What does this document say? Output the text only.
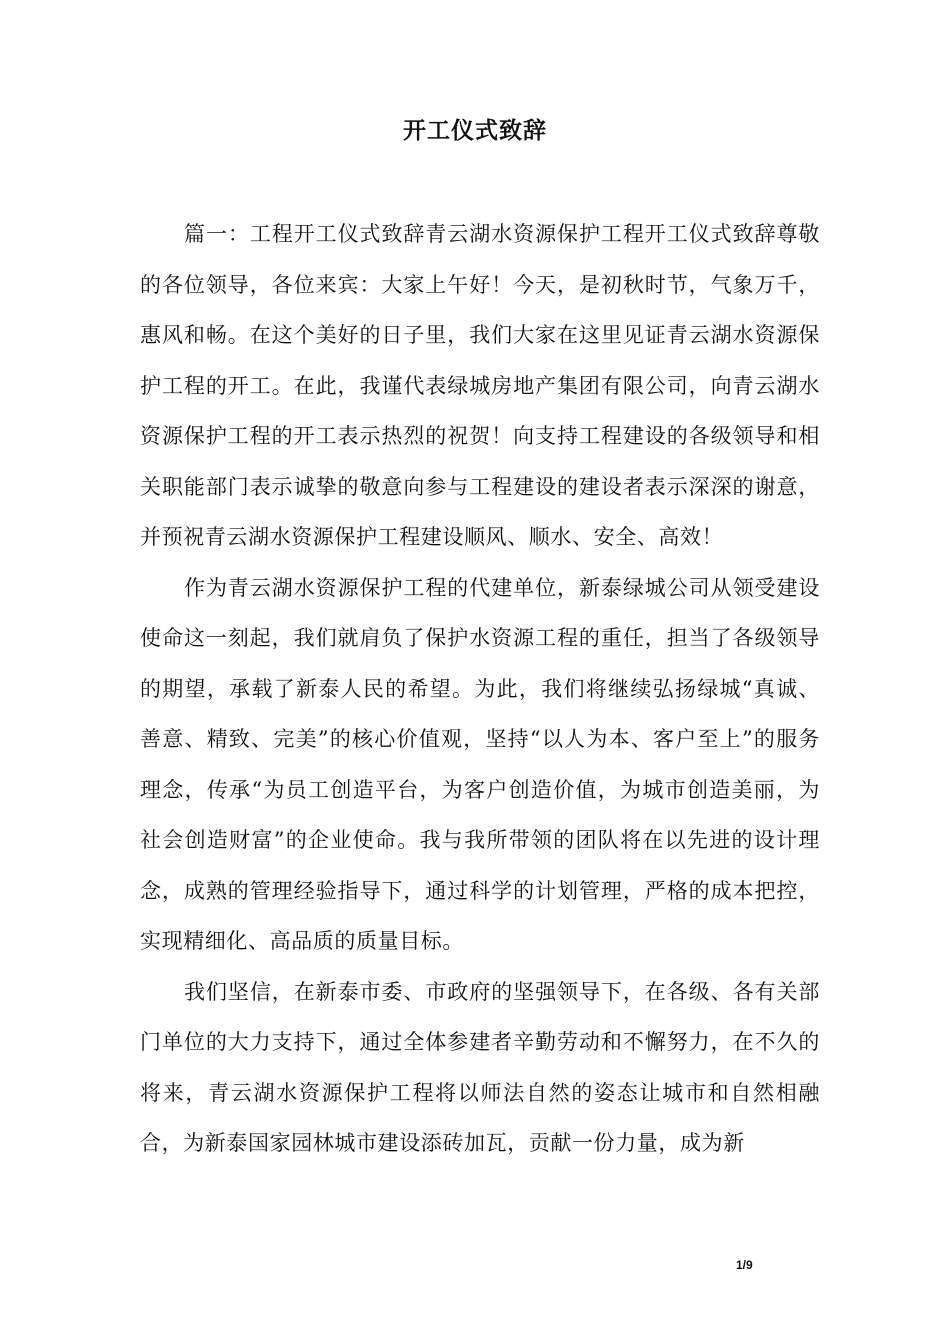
开工仪式致辞

篇一：工程开工仪式致辞青云湖水资源保护工程开工仪式致辞尊敬的各位领导，各位来宾：大家上午好！今天，是初秋时节，气象万千，惠风和畅。在这个美好的日子里，我们大家在这里见证青云湖水资源保护工程的开工。在此，我谨代表绿城房地产集团有限公司，向青云湖水资源保护工程的开工表示热烈的祝贺！向支持工程建设的各级领导和相关职能部门表示诚挚的敬意向参与工程建设的建设者表示深深的谢意，并预祝青云湖水资源保护工程建设顺风、顺水、安全、高效！

作为青云湖水资源保护工程的代建单位，新泰绿城公司从领受建设使命这一刻起，我们就肩负了保护水资源工程的重任，担当了各级领导的期望，承载了新泰人民的希望。为此，我们将继续弘扬绿城“真诚、善意、精致、完美”的核心价值观，坚持“以人为本、客户至上”的服务理念，传承“为员工创造平台，为客户创造价值，为城市创造美丽，为社会创造财富”的企业使命。我与我所带领的团队将在以先进的设计理念，成熟的管理经验指导下，通过科学的计划管理，严格的成本把控，实现精细化、高品质的质量目标。

我们坚信，在新泰市委、市政府的坚强领导下，在各级、各有关部门单位的大力支持下，通过全体参建者辛勤劳动和不懈努力，在不久的将来，青云湖水资源保护工程将以师法自然的姿态让城市和自然相融合，为新泰国家园林城市建设添砖加瓦，贡献一份力量，成为新

1/9
